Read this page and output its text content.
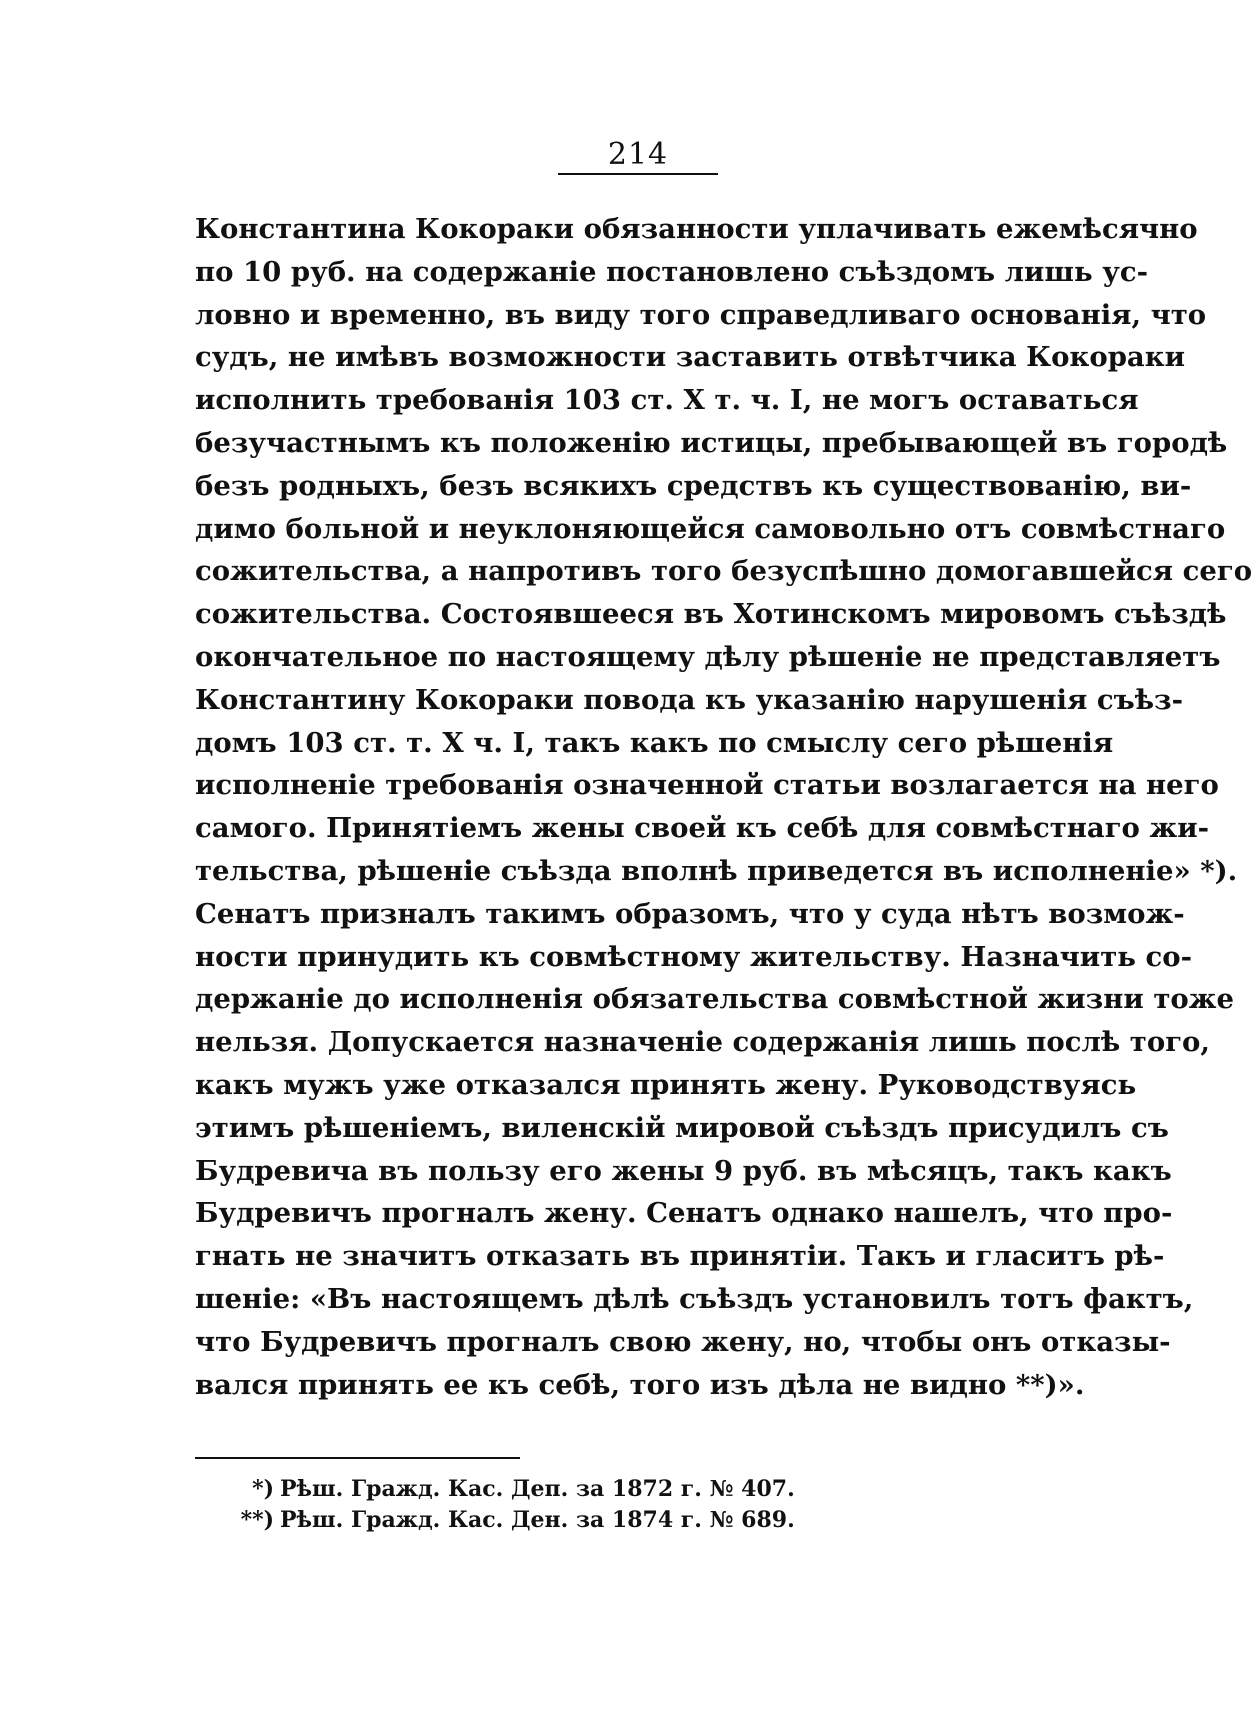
214
Константина Кокораки обязанности уплачивать ежемѣсячно
по 10 руб. на содержаніе постановлено съѣздомъ лишь ус-
ловно и временно, въ виду того справедливаго основанія, что
судъ, не имѣвъ возможности заставить отвѣтчика Кокораки
исполнить требованія 103 ст. X т. ч. I, не могъ оставаться
безучастнымъ къ положенію истицы, пребывающей въ городѣ
безъ родныхъ, безъ всякихъ средствъ къ существованію, ви-
димо больной и неуклоняющейся самовольно отъ совмѣстнаго
сожительства, а напротивъ того безуспѣшно домогавшейся сего
сожительства. Состоявшееся въ Хотинскомъ мировомъ съѣздѣ
окончательное по настоящему дѣлу рѣшеніе не представляетъ
Константину Кокораки повода къ указанію нарушенія съѣз-
домъ 103 ст. т. X ч. I, такъ какъ по смыслу сего рѣшенія
исполненіе требованія означенной статьи возлагается на него
самого. Принятіемъ жены своей къ себѣ для совмѣстнаго жи-
тельства, рѣшеніе съѣзда вполнѣ приведется въ исполненіе» *).
Сенатъ призналъ такимъ образомъ, что у суда нѣтъ возмож-
ности принудить къ совмѣстному жительству. Назначить со-
держаніе до исполненія обязательства совмѣстной жизни тоже
нельзя. Допускается назначеніе содержанія лишь послѣ того,
какъ мужъ уже отказался принять жену. Руководствуясь
этимъ рѣшеніемъ, виленскій мировой съѣздъ присудилъ съ
Будревича въ пользу его жены 9 руб. въ мѣсяцъ, такъ какъ
Будревичъ прогналъ жену. Сенатъ однако нашелъ, что про-
гнать не значитъ отказать въ принятіи. Такъ и гласитъ рѣ-
шеніе: «Въ настоящемъ дѣлѣ съѣздъ установилъ тотъ фактъ,
что Будревичъ прогналъ свою жену, но, чтобы онъ отказы-
вался принять ее къ себѣ, того изъ дѣла не видно **)».
*) Рѣш. Гражд. Кас. Деп. за 1872 г. № 407.
**) Рѣш. Гражд. Кас. Ден. за 1874 г. № 689.
